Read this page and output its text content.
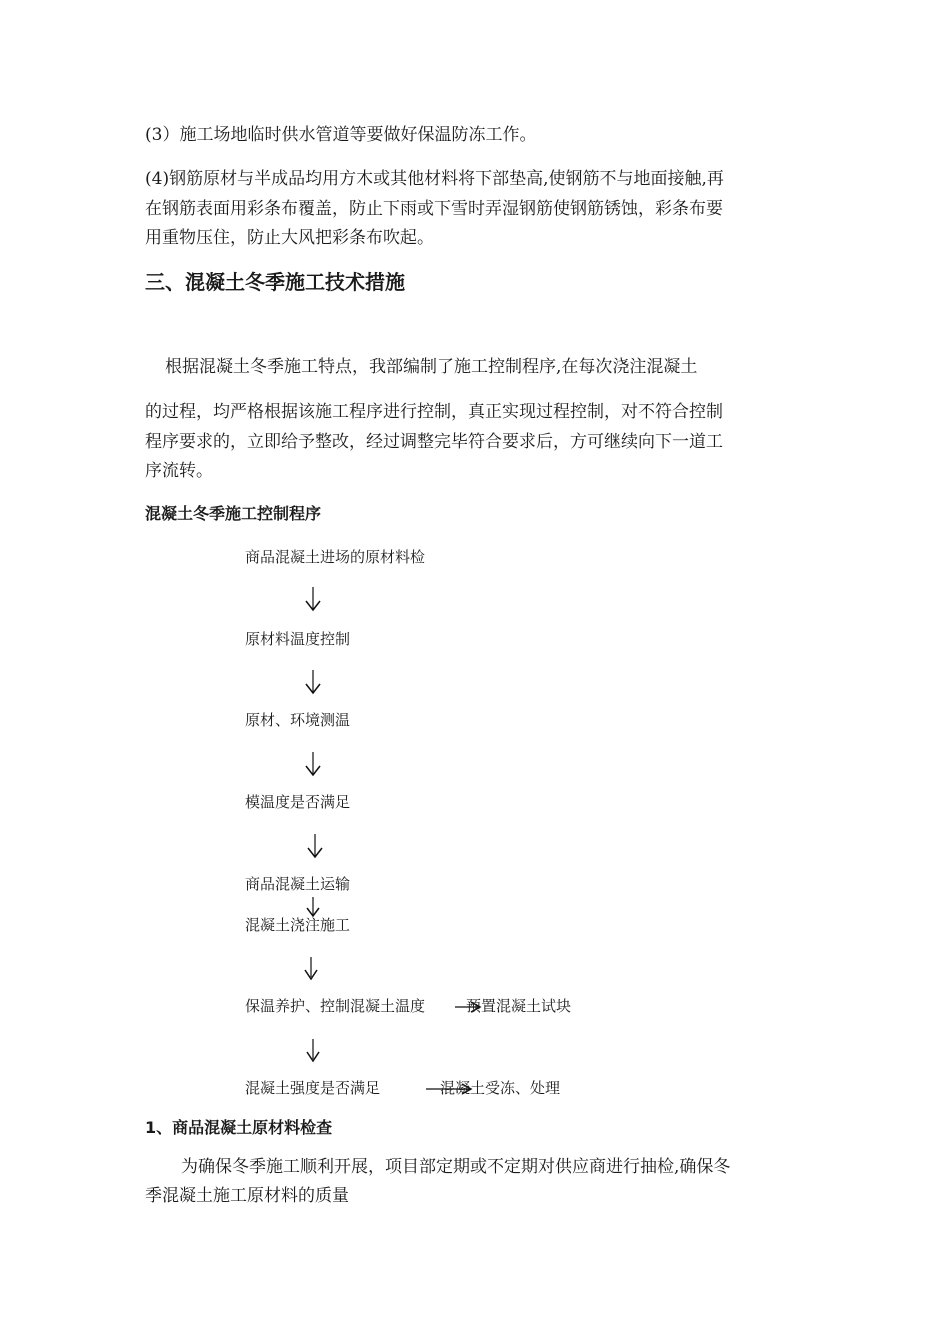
(3）施工场地临时供水管道等要做好保温防冻工作。
(4)钢筋原材与半成品均用方木或其他材料将下部垫高,使钢筋不与地面接触,再
在钢筋表面用彩条布覆盖，防止下雨或下雪时弄湿钢筋使钢筋锈蚀，彩条布要
用重物压住，防止大风把彩条布吹起。
三、混凝土冬季施工技术措施
根据混凝土冬季施工特点，我部编制了施工控制程序,在每次浇注混凝土
的过程，均严格根据该施工程序进行控制，真正实现过程控制，对不符合控制
程序要求的，立即给予整改，经过调整完毕符合要求后，方可继续向下一道工
序流转。
混凝土冬季施工控制程序
商品混凝土进场的原材料检
原材料温度控制
原材、环境测温
模温度是否满足
商品混凝土运输
混凝土浇注施工
保温养护、控制混凝土温度	预置混凝土试块
混凝土强度是否满足	混凝土受冻、处理
1、商品混凝土原材料检查
为确保冬季施工顺利开展，项目部定期或不定期对供应商进行抽检,确保冬
季混凝土施工原材料的质量
